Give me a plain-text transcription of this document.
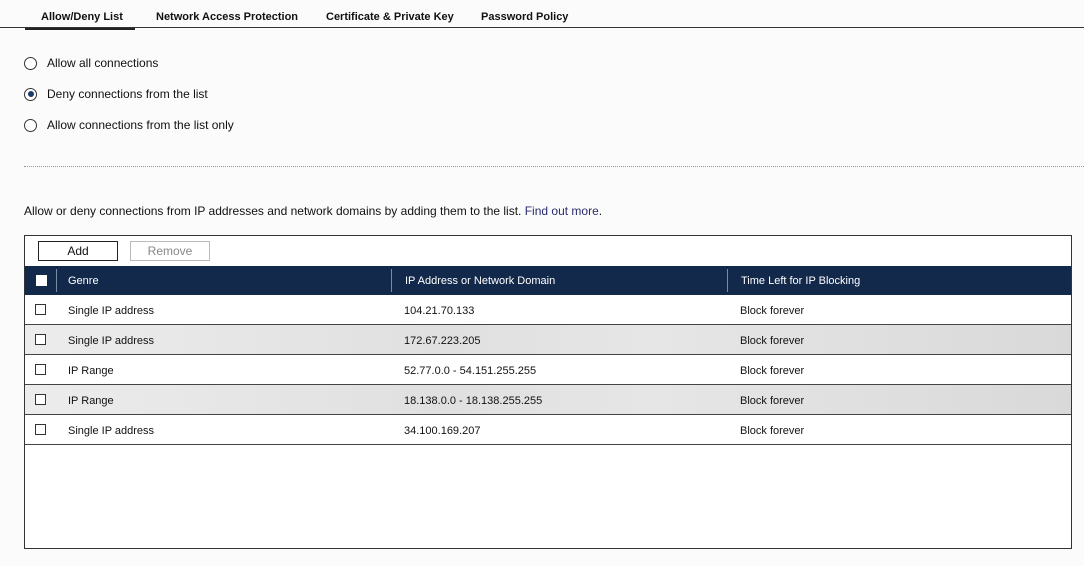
Allow/Deny List	Network Access Protection	Certificate & Private Key Password Policy
Allow all connections
Deny connections from the list
Allow connections from the list only
Allow or deny connections from IP addresses and network domains by adding them to the list. Find out more.
Add	Remove
Genre	IP Address or Network Domain	Time Left for IP Blocking
Single IP address	104.21.70.133	Block forever
Single IP address	172.67.223.205	Block forever
IP Range	52.77.0.0 - 54.151.255.255	Block forever
IP Range	18.138.0.0 - 18.138.255.255	Block forever
Single IP address	34.100.169.207	Block forever
